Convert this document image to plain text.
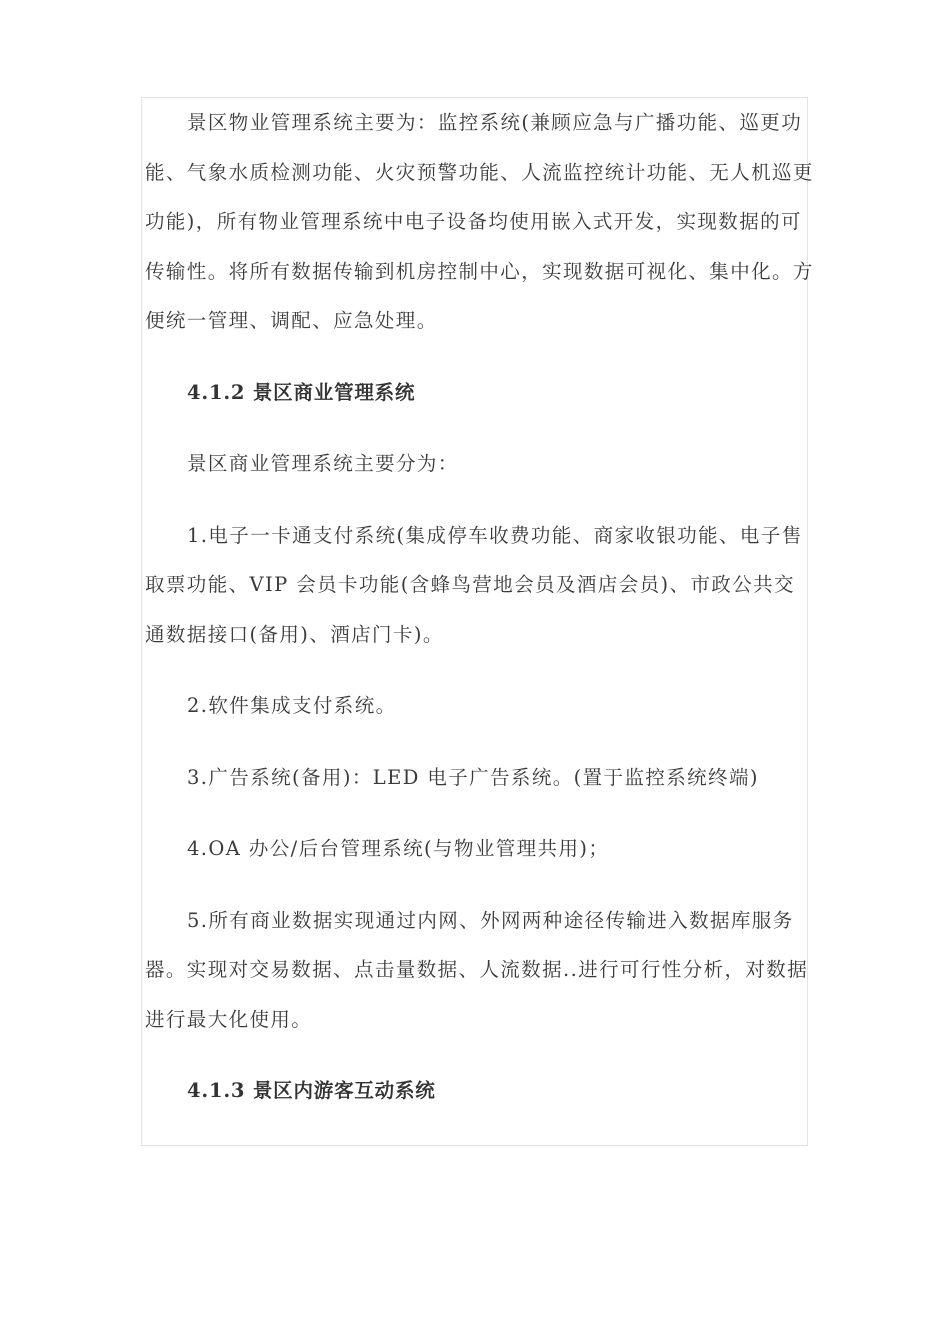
景区物业管理系统主要为：监控系统(兼顾应急与广播功能、巡更功能、气象水质检测功能、火灾预警功能、人流监控统计功能、无人机巡更功能)，所有物业管理系统中电子设备均使用嵌入式开发，实现数据的可传输性。将所有数据传输到机房控制中心，实现数据可视化、集中化。方便统一管理、调配、应急处理。

4.1.2 景区商业管理系统

景区商业管理系统主要分为：

1.电子一卡通支付系统(集成停车收费功能、商家收银功能、电子售取票功能、VIP 会员卡功能(含蜂鸟营地会员及酒店会员)、市政公共交通数据接口(备用)、酒店门卡)。

2.软件集成支付系统。

3.广告系统(备用)：LED 电子广告系统。(置于监控系统终端)

4.OA 办公/后台管理系统(与物业管理共用)；

5.所有商业数据实现通过内网、外网两种途径传输进入数据库服务器。实现对交易数据、点击量数据、人流数据..进行可行性分析，对数据进行最大化使用。

4.1.3 景区内游客互动系统
